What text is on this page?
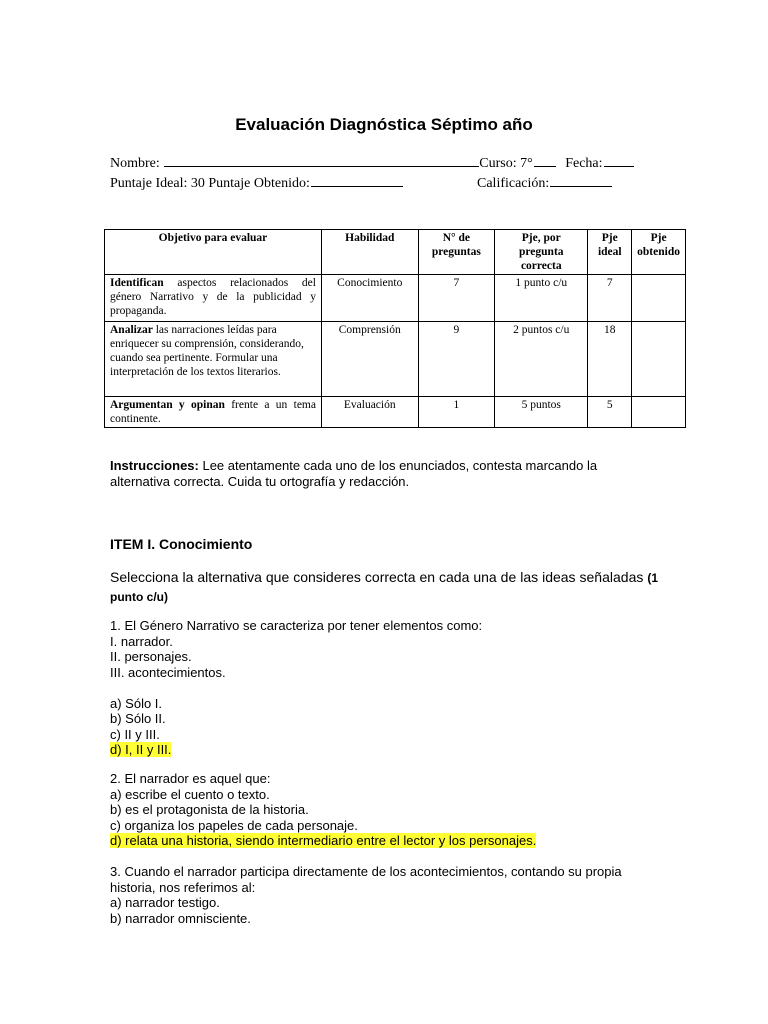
Evaluación Diagnóstica Séptimo año
Nombre:	Curso: 7° Fecha:
Puntaje Ideal: 30 Puntaje Obtenido:	Calificación:
Objetivo para evaluar	Habilidad	N° de preguntas	Pje, por pregunta correcta	Pje ideal	Pje obtenido
Identifican aspectos relacionados del género Narrativo y de la publicidad y propaganda.	Conocimiento	7	1 punto c/u	7	
Analizar las narraciones leídas para enriquecer su comprensión, considerando, cuando sea pertinente. Formular una interpretación de los textos literarios.	Comprensión	9	2 puntos c/u	18	
Argumentan y opinan frente a un tema continente.	Evaluación	1	5 puntos	5	
Instrucciones: Lee atentamente cada uno de los enunciados, contesta marcando la alternativa correcta. Cuida tu ortografía y redacción.
ITEM I. Conocimiento
Selecciona la alternativa que consideres correcta en cada una de las ideas señaladas (1 punto c/u)
1. El Género Narrativo se caracteriza por tener elementos como:
I. narrador.
II. personajes.
III. acontecimientos.
a) Sólo I.
b) Sólo II.
c) II y III.
d) I, II y III.
2. El narrador es aquel que:
a) escribe el cuento o texto.
b) es el protagonista de la historia.
c) organiza los papeles de cada personaje.
d) relata una historia, siendo intermediario entre el lector y los personajes.
3. Cuando el narrador participa directamente de los acontecimientos, contando su propia historia, nos referimos al:
a) narrador testigo.
b) narrador omnisciente.
